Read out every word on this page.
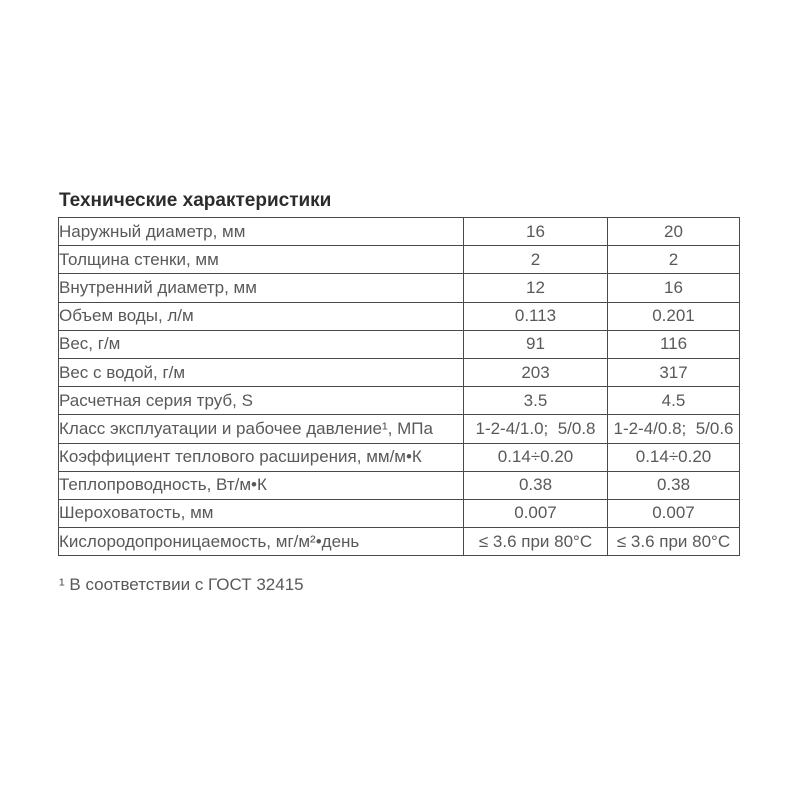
Технические характеристики
Наружный диаметр, мм	16	20
Толщина стенки, мм	2	2
Внутренний диаметр, мм	12	16
Объем воды, л/м	0.113	0.201
Вес, г/м	91	116
Вес с водой, г/м	203	317
Расчетная серия труб, S	3.5	4.5
Класс эксплуатации и рабочее давление¹, МПа	1-2-4/1.0;  5/0.8	1-2-4/0.8;  5/0.6
Коэффициент теплового расширения, мм/м•К	0.14÷0.20	0.14÷0.20
Теплопроводность, Вт/м•К	0.38	0.38
Шероховатость, мм	0.007	0.007
Кислородопроницаемость, мг/м²•день	≤ 3.6 при 80°С	≤ 3.6 при 80°С
¹ В соответствии с ГОСТ 32415
